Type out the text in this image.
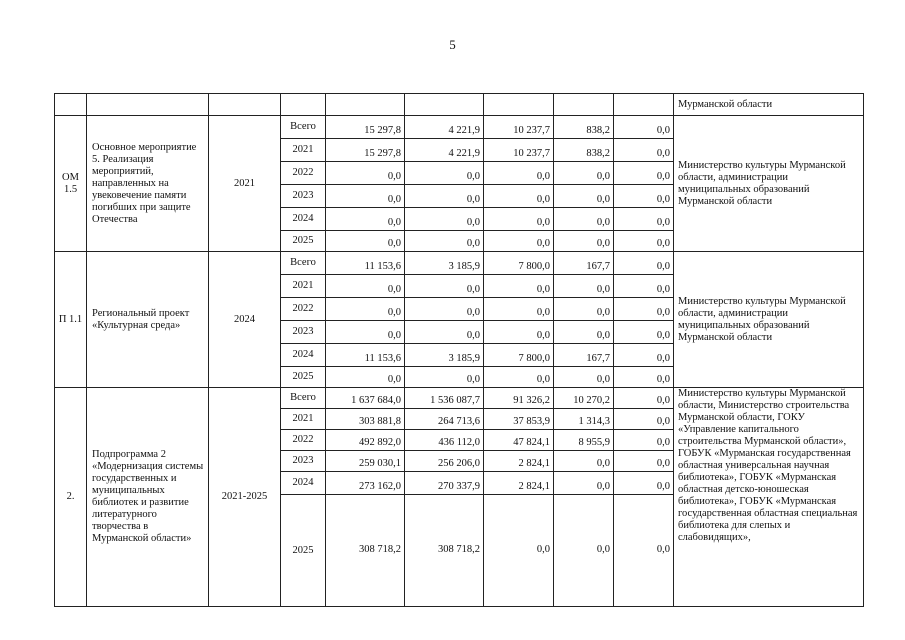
5
									Мурманской области
ОМ 1.5	Основное мероприятие 5. Реализация мероприятий, направленных на увековечение памяти погибших при защите Отечества	2021	Всего	15 297,8	4 221,9	10 237,7	838,2	0,0	Министерство культуры Мурманской области, администрации муниципальных образований Мурманской области
			2021	15 297,8	4 221,9	10 237,7	838,2	0,0	
			2022	0,0	0,0	0,0	0,0	0,0	
			2023	0,0	0,0	0,0	0,0	0,0	
			2024	0,0	0,0	0,0	0,0	0,0	
			2025	0,0	0,0	0,0	0,0	0,0	
П 1.1	Региональный проект «Культурная среда»	2024	Всего	11 153,6	3 185,9	7 800,0	167,7	0,0	Министерство культуры Мурманской области, администрации муниципальных образований Мурманской области
			2021	0,0	0,0	0,0	0,0	0,0	
			2022	0,0	0,0	0,0	0,0	0,0	
			2023	0,0	0,0	0,0	0,0	0,0	
			2024	11 153,6	3 185,9	7 800,0	167,7	0,0	
			2025	0,0	0,0	0,0	0,0	0,0	
2.	Подпрограмма 2 «Модернизация системы государственных и муниципальных библиотек и развитие литературного творчества в Мурманской области»	2021-2025	Всего	1 637 684,0	1 536 087,7	91 326,2	10 270,2	0,0	Министерство культуры Мурманской области, Министерство строительства Мурманской области, ГОКУ «Управление капитального строительства Мурманской области», ГОБУК «Мурманская государственная областная универсальная научная библиотека», ГОБУК «Мурманская областная детско-юношеская библиотека», ГОБУК «Мурманская государственная областная специальная библиотека для слепых и слабовидящих»,
			2021	303 881,8	264 713,6	37 853,9	1 314,3	0,0	
			2022	492 892,0	436 112,0	47 824,1	8 955,9	0,0	
			2023	259 030,1	256 206,0	2 824,1	0,0	0,0	
			2024	273 162,0	270 337,9	2 824,1	0,0	0,0	
			2025	308 718,2	308 718,2	0,0	0,0	0,0	
